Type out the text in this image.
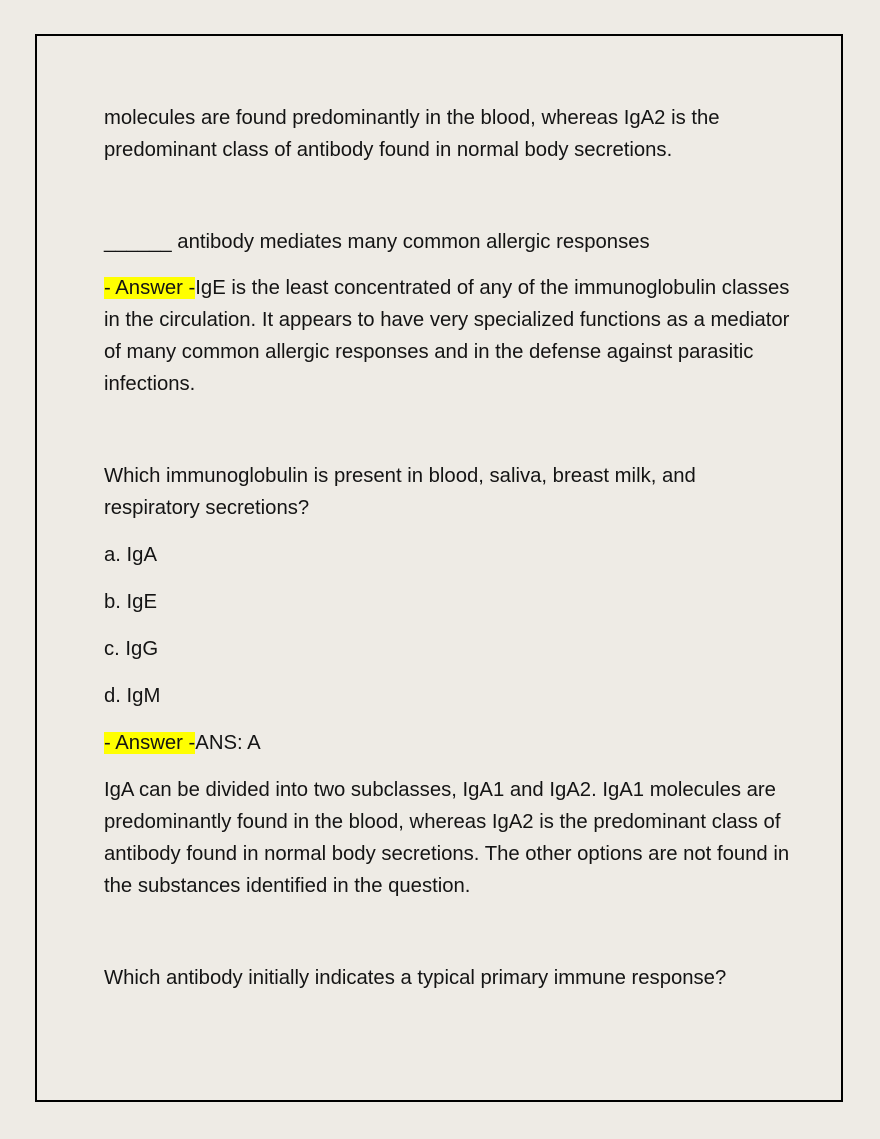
molecules are found predominantly in the blood, whereas IgA2 is the predominant class of antibody found in normal body secretions.

______ antibody mediates many common allergic responses

- Answer -IgE is the least concentrated of any of the immunoglobulin classes in the circulation. It appears to have very specialized functions as a mediator of many common allergic responses and in the defense against parasitic infections.

Which immunoglobulin is present in blood, saliva, breast milk, and respiratory secretions?

a. IgA

b. IgE

c. IgG

d. IgM

- Answer -ANS: A

IgA can be divided into two subclasses, IgA1 and IgA2. IgA1 molecules are predominantly found in the blood, whereas IgA2 is the predominant class of antibody found in normal body secretions. The other options are not found in the substances identified in the question.

Which antibody initially indicates a typical primary immune response?
